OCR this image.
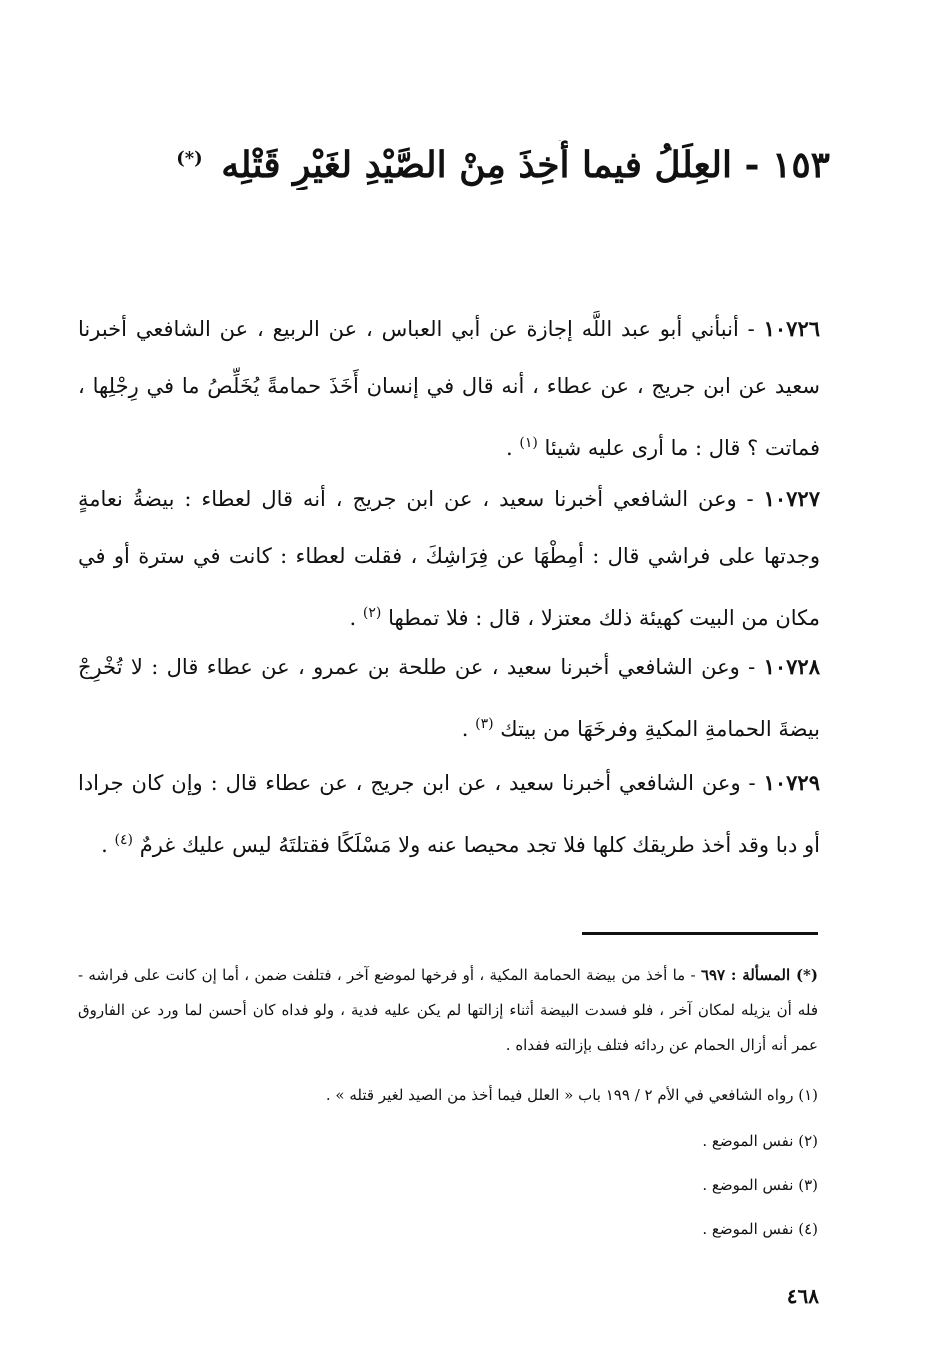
١٥٣ - العِلَلُ فيما أُخِذَ مِنْ الصَّيْدِ لغَيْرِ قَتْلِه (*)
١٠٧٢٦ - أنبأني أبو عبد اللَّه إجازة عن أبي العباس ، عن الربيع ، عن الشافعي أخبرنا سعيد عن ابن جريج ، عن عطاء ، أنه قال في إنسان أَخَذَ حمامةً يُخَلِّصُ ما في رِجْلِها ، فماتت ؟ قال : ما أرى عليه شيئا $^{(١)}$ .
١٠٧٢٧ - وعن الشافعي أخبرنا سعيد ، عن ابن جريج ، أنه قال لعطاء : بيضةُ نعامةٍ وجدتها على فراشي قال : أمِطْهَا عن فِرَاشِكَ ، فقلت لعطاء : كانت في سترة أو في مكان من البيت كهيئة ذلك معتزلا ، قال : فلا تمطها $^{(٢)}$ .
١٠٧٢٨ - وعن الشافعي أخبرنا سعيد ، عن طلحة بن عمرو ، عن عطاء قال : لا تُخْرِجْ بيضةَ الحمامةِ المكيةِ وفرخَهَا من بيتك $^{(٣)}$ .
١٠٧٢٩ - وعن الشافعي أخبرنا سعيد ، عن ابن جريج ، عن عطاء قال : وإن كان جرادا أو دبا وقد أخذ طريقك كلها فلا تجد محيصا عنه ولا مَسْلَكًا فقتلتَهُ ليس عليك غرمٌ $^{(٤)}$ .
(*) المسألة : ٦٩٧ - ما أخذ من بيضة الحمامة المكية ، أو فرخها لموضع آخر ، فتلفت ضمن ، أما إن كانت على فراشه - فله أن يزيله لمكان آخر ، فلو فسدت البيضة أثناء إزالتها لم يكن عليه فدية ، ولو فداه كان أحسن لما ورد عن الفاروق عمر أنه أزال الحمام عن ردائه فتلف بإزالته ففداه .
(١) رواه الشافعي في الأم ٢ / ١٩٩ باب « العلل فيما أخذ من الصيد لغير قتله » .
(٢) نفس الموضع .
(٣) نفس الموضع .
(٤) نفس الموضع .
٤٦٨
